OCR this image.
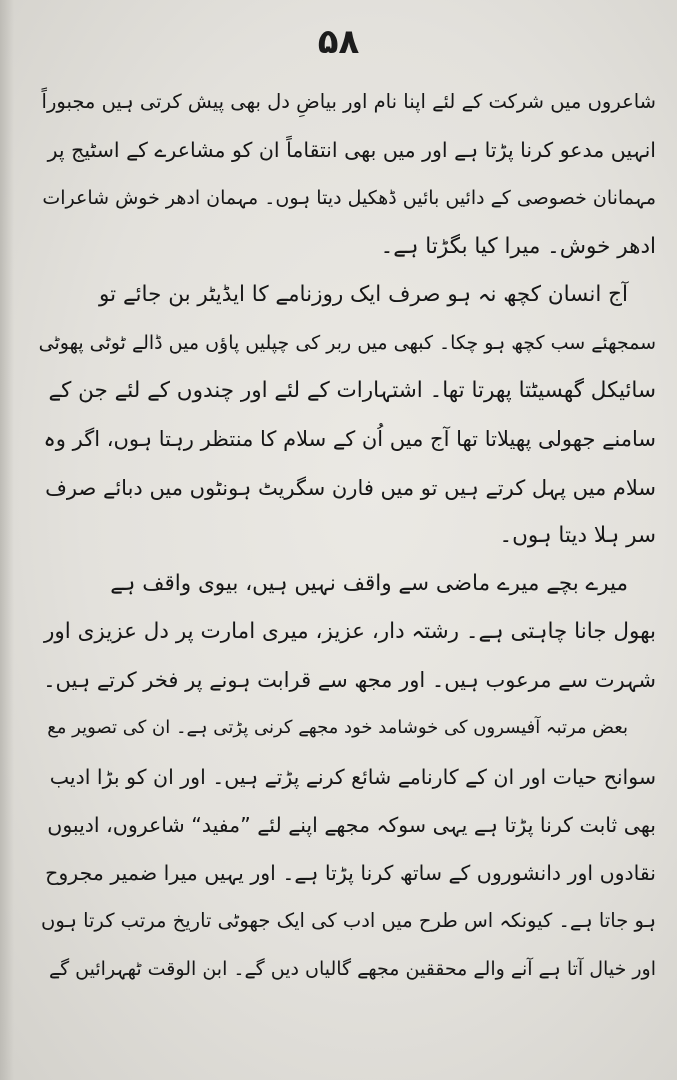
۵۸
شاعروں میں شرکت کے لئے اپنا نام اور بیاضِ دل بھی پیش کرتی ہیں مجبوراً
انہیں مدعو کرنا پڑتا ہے اور میں بھی انتقاماً ان کو مشاعرے کے اسٹیج پر
مہمانان خصوصی کے دائیں بائیں ڈھکیل دیتا ہوں۔ مہمان ادھر خوش شاعرات
ادھر خوش۔ میرا کیا بگڑتا ہے۔
آج انسان کچھ نہ ہو صرف ایک روزنامے کا ایڈیٹر بن جائے تو
سمجھئے سب کچھ ہو چکا۔ کبھی میں ربر کی چپلیں پاؤں میں ڈالے ٹوٹی پھوٹی
سائیکل گھسیٹتا پھرتا تھا۔ اشتہارات کے لئے اور چندوں کے لئے جن کے
سامنے جھولی پھیلاتا تھا آج میں اُن کے سلام کا منتظر رہتا ہوں، اگر وہ
سلام میں پہل کرتے ہیں تو میں فارن سگریٹ ہونٹوں میں دبائے صرف
سر ہلا دیتا ہوں۔
میرے بچے میرے ماضی سے واقف نہیں ہیں، بیوی واقف ہے
بھول جانا چاہتی ہے۔ رشتہ دار، عزیز، میری امارت پر دل عزیزی اور
شہرت سے مرعوب ہیں۔ اور مجھ سے قرابت ہونے پر فخر کرتے ہیں۔
بعض مرتبہ آفیسروں کی خوشامد خود مجھے کرنی پڑتی ہے۔ ان کی تصویر مع
سوانح حیات اور ان کے کارنامے شائع کرنے پڑتے ہیں۔ اور ان کو بڑا ادیب
بھی ثابت کرنا پڑتا ہے یہی سوکہ مجھے اپنے لئے ”مفید“ شاعروں، ادیبوں
نقادوں اور دانشوروں کے ساتھ کرنا پڑتا ہے۔ اور یہیں میرا ضمیر مجروح
ہو جاتا ہے۔ کیونکہ اس طرح میں ادب کی ایک جھوٹی تاریخ مرتب کرتا ہوں
اور خیال آتا ہے آنے والے محققین مجھے گالیاں دیں گے۔ ابن الوقت ٹھہرائیں گے
